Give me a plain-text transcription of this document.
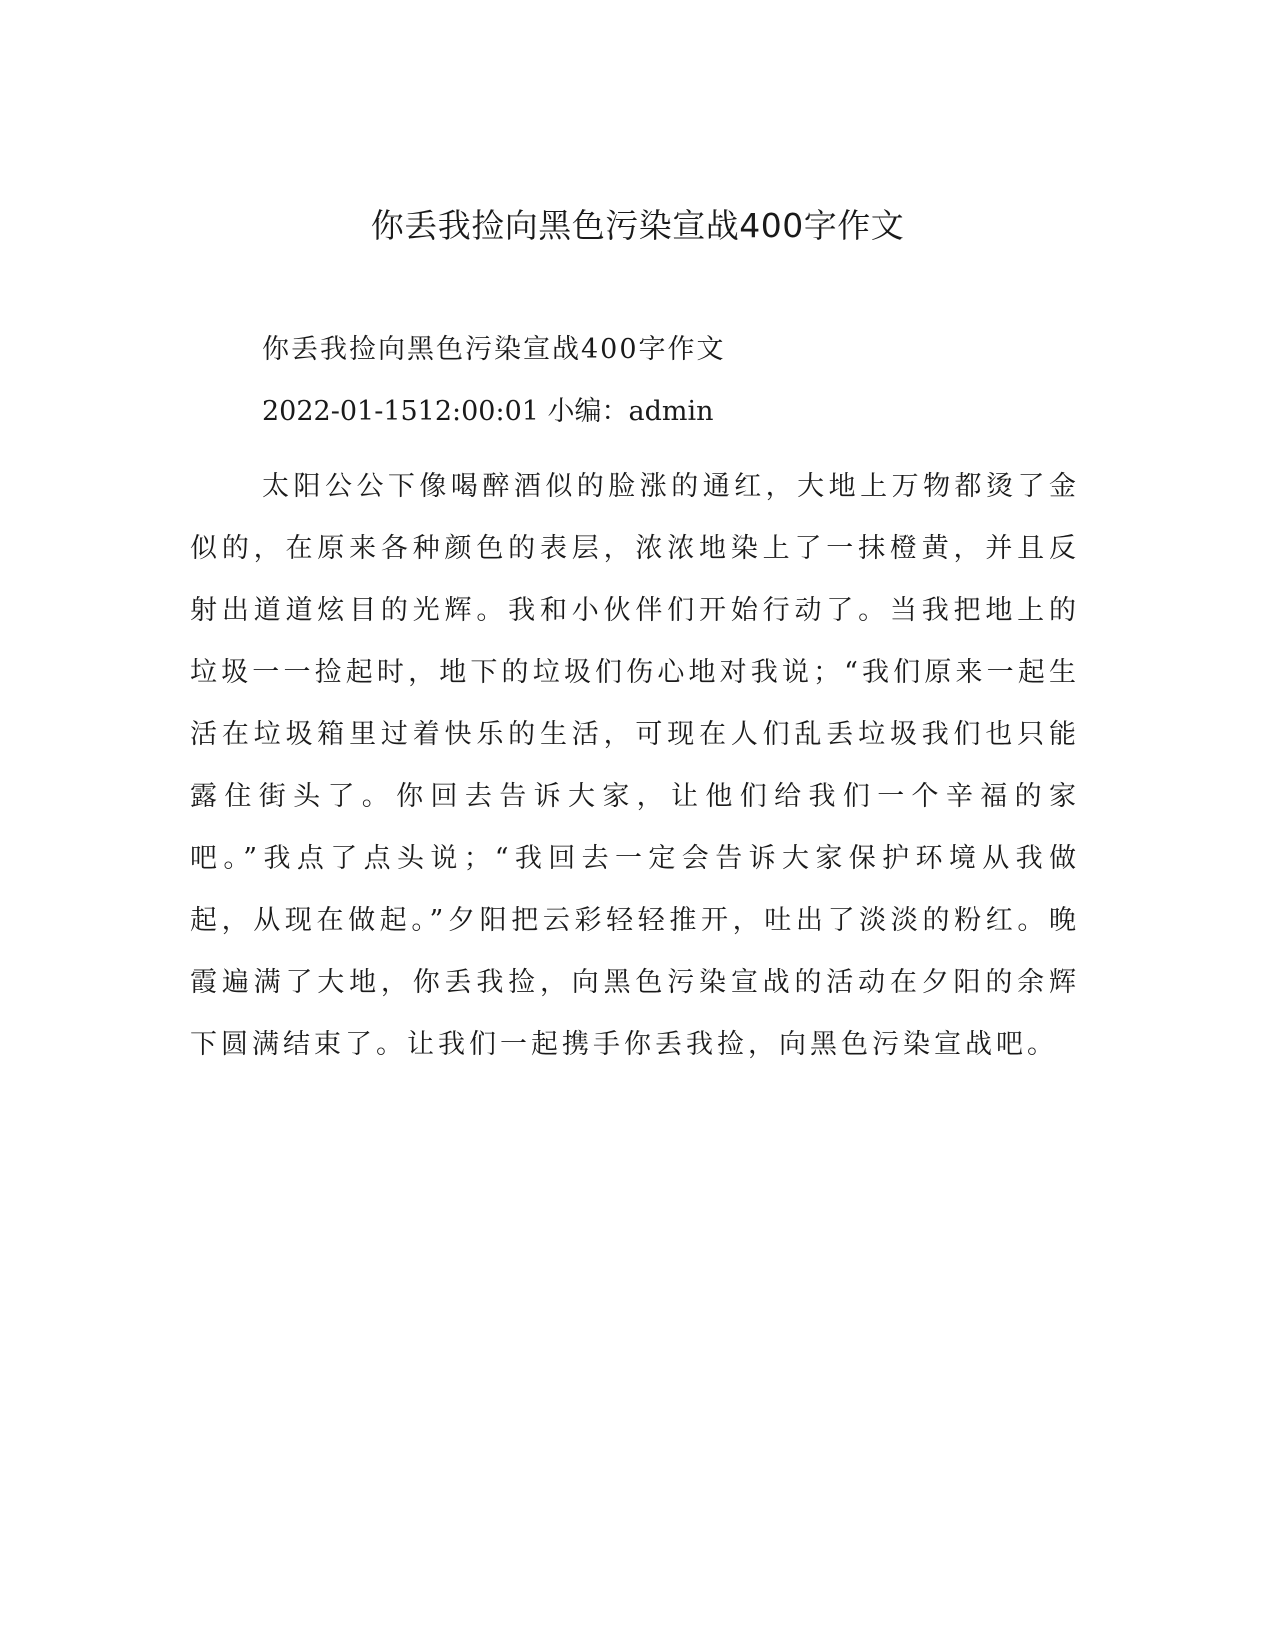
你丢我捡向黑色污染宣战400字作文

你丢我捡向黑色污染宣战400字作文

2022-01-1512:00:01 小编：admin

太阳公公下像喝醉酒似的脸涨的通红，大地上万物都烫了金似的，在原来各种颜色的表层，浓浓地染上了一抹橙黄，并且反射出道道炫目的光辉。我和小伙伴们开始行动了。当我把地上的垃圾一一捡起时，地下的垃圾们伤心地对我说；“我们原来一起生活在垃圾箱里过着快乐的生活，可现在人们乱丢垃圾我们也只能露住街头了。你回去告诉大家，让他们给我们一个辛福的家吧。”我点了点头说；“我回去一定会告诉大家保护环境从我做起，从现在做起。”夕阳把云彩轻轻推开，吐出了淡淡的粉红。晚霞遍满了大地，你丢我捡，向黑色污染宣战的活动在夕阳的余辉下圆满结束了。让我们一起携手你丢我捡，向黑色污染宣战吧。
